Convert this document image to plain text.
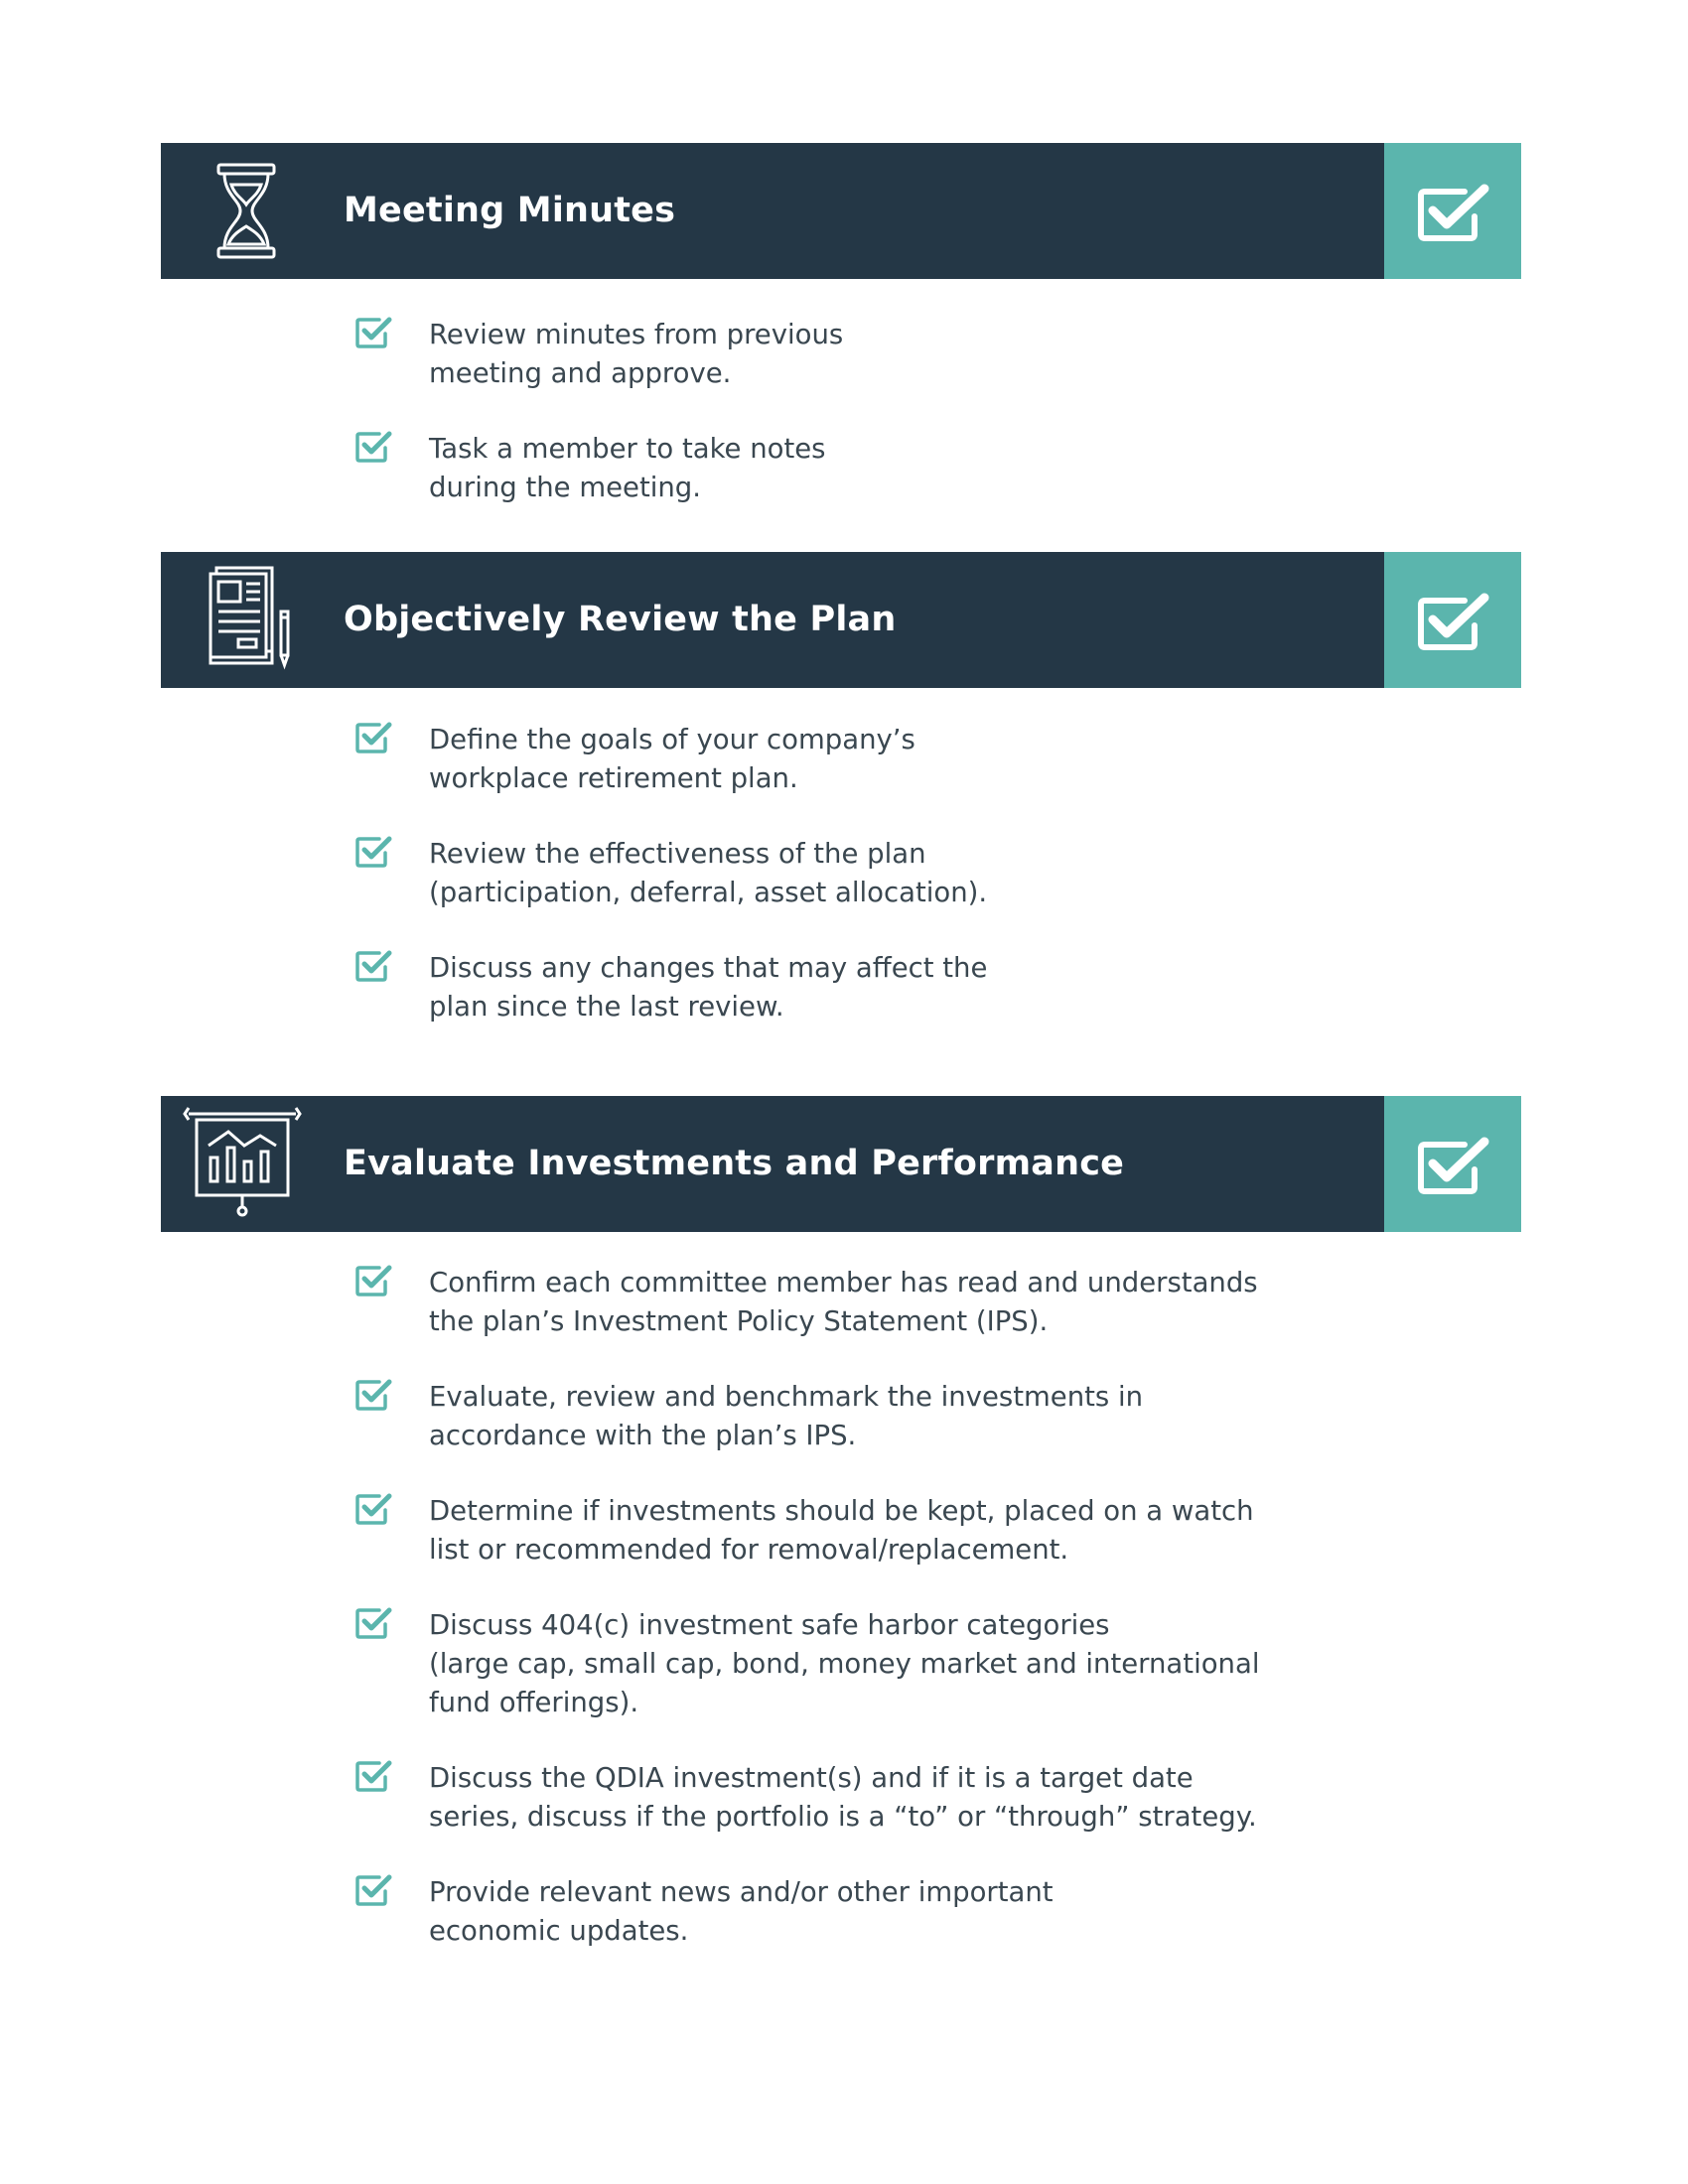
Meeting Minutes
Review minutes from previous
meeting and approve.
Task a member to take notes
during the meeting.
Objectively Review the Plan
Define the goals of your company’s
workplace retirement plan.
Review the effectiveness of the plan
(participation, deferral, asset allocation).
Discuss any changes that may affect the
plan since the last review.
Evaluate Investments and Performance
Confirm each committee member has read and understands
the plan’s Investment Policy Statement (IPS).
Evaluate, review and benchmark the investments in
accordance with the plan’s IPS.
Determine if investments should be kept, placed on a watch
list or recommended for removal/replacement.
Discuss 404(c) investment safe harbor categories
(large cap, small cap, bond, money market and international
fund offerings).
Discuss the QDIA investment(s) and if it is a target date
series, discuss if the portfolio is a “to” or “through” strategy.
Provide relevant news and/or other important
economic updates.
